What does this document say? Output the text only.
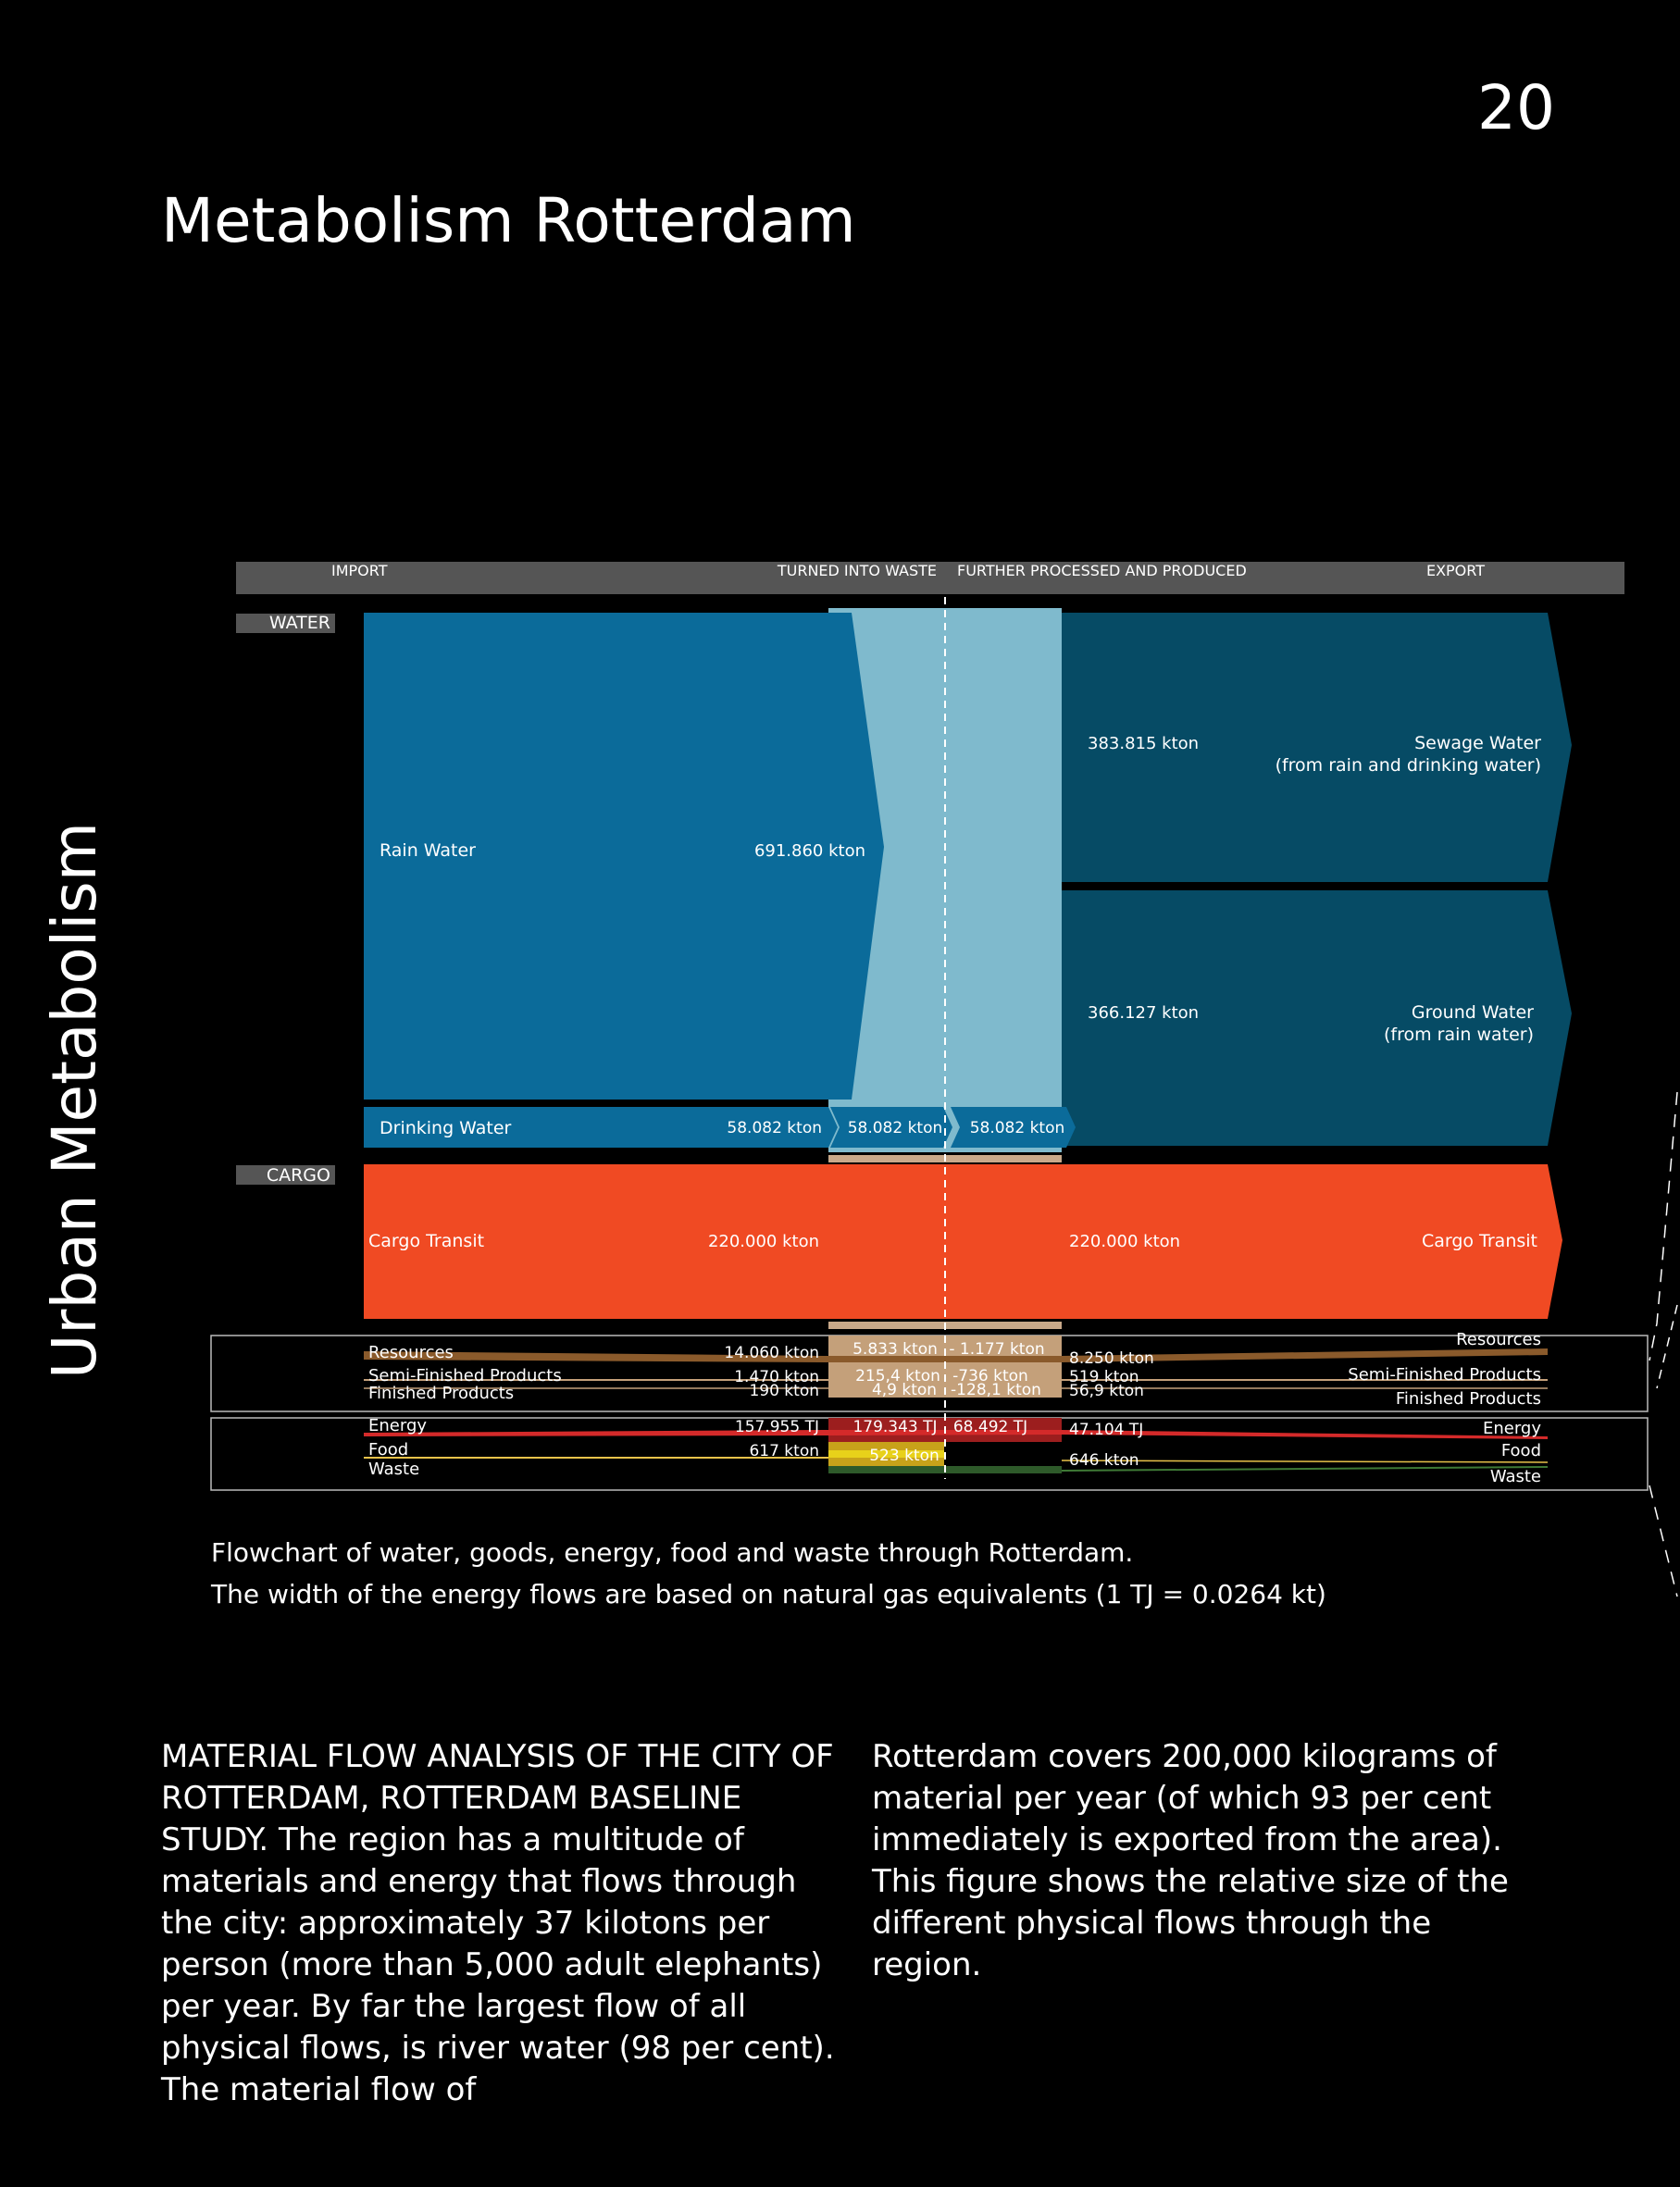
20
Metabolism Rotterdam
Urban Metabolism
IMPORT	TURNED INTO WASTE FURTHER PROCESSED AND PRODUCED	EXPORT
WATER
CARGO
Rain Water	691.860 kton
Drinking Water	58.082 kton 58.082 kton 58.082 kton
383.815 kton	Sewage Water
(from rain and drinking water)
366.127 kton	Ground Water
(from rain water)
Cargo Transit	220.000 kton	220.000 kton	Cargo Transit
Resources	14.060 kton 5.833 kton - 1.177 kton 8.250 kton
Resources
Semi-Finished Products	1.470 kton 215,4 kton -736 kton	519 kton	Semi-Finished Products
Finished Products	190 kton	4,9 kton -128,1 kton 56,9 kton	Finished Products
Energy	157.955 TJ 179.343 TJ 68.492 TJ	47.104 TJ	Energy
Food	617 kton	523 kton	646 kton	Food
Waste	Waste
Flowchart of water, goods, energy, food and waste through Rotterdam.
The width of the energy flows are based on natural gas equivalents (1 TJ = 0.0264 kt)
MATERIAL FLOW ANALYSIS OF THE CITY OF ROTTERDAM, ROTTERDAM BASELINE STUDY. The region has a multitude of materials and energy that flows through the city: approximately 37 kilotons per person (more than 5,000 adult elephants) per year. By far the largest flow of all physical flows, is river water (98 per cent). The material flow of
Rotterdam covers 200,000 kilograms of material per year (of which 93 per cent immediately is exported from the area). This figure shows the relative size of the different physical flows through the region.
